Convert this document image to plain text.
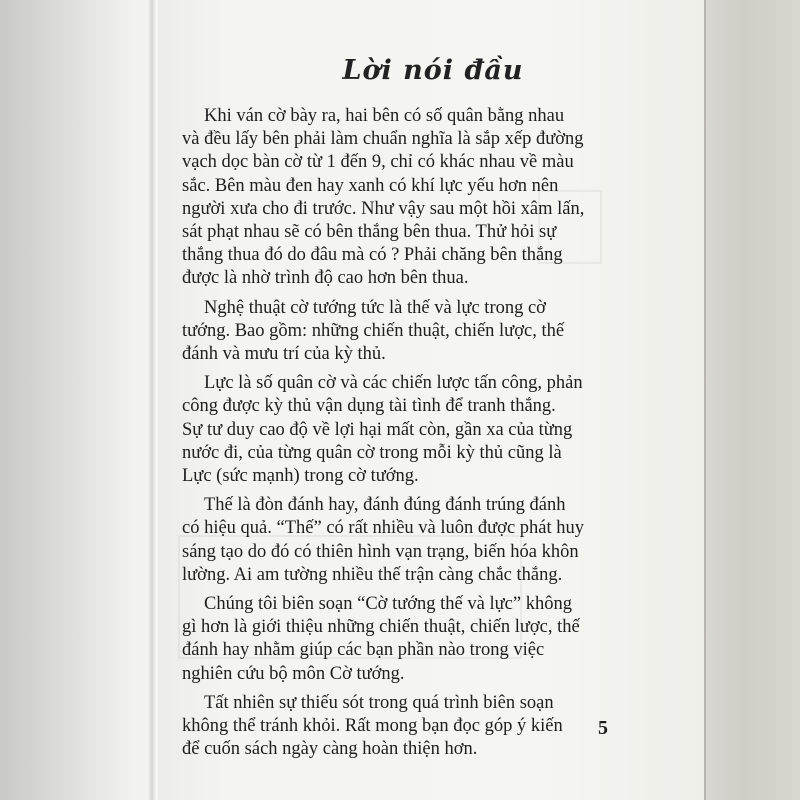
Lời nói đầu

Khi ván cờ bày ra, hai bên có số quân bằng nhau
và đều lấy bên phải làm chuẩn nghĩa là sắp xếp đường
vạch dọc bàn cờ từ 1 đến 9, chỉ có khác nhau về màu
sắc. Bên màu đen hay xanh có khí lực yếu hơn nên
người xưa cho đi trước. Như vậy sau một hồi xâm lấn,
sát phạt nhau sẽ có bên thắng bên thua. Thử hỏi sự
thắng thua đó do đâu mà có ? Phải chăng bên thắng
được là nhờ trình độ cao hơn bên thua.

Nghệ thuật cờ tướng tức là thế và lực trong cờ
tướng. Bao gồm: những chiến thuật, chiến lược, thế
đánh và mưu trí của kỳ thủ.

Lực là số quân cờ và các chiến lược tấn công, phản
công được kỳ thủ vận dụng tài tình để tranh thắng.
Sự tư duy cao độ về lợi hại mất còn, gần xa của từng
nước đi, của từng quân cờ trong mỗi kỳ thủ cũng là
Lực (sức mạnh) trong cờ tướng.

Thế là đòn đánh hay, đánh đúng đánh trúng đánh
có hiệu quả. “Thế” có rất nhiều và luôn được phát huy
sáng tạo do đó có thiên hình vạn trạng, biến hóa khôn
lường. Ai am tường nhiều thế trận càng chắc thắng.

Chúng tôi biên soạn “Cờ tướng thế và lực” không
gì hơn là giới thiệu những chiến thuật, chiến lược, thế
đánh hay nhằm giúp các bạn phần nào trong việc
nghiên cứu bộ môn Cờ tướng.

Tất nhiên sự thiếu sót trong quá trình biên soạn
không thể tránh khỏi. Rất mong bạn đọc góp ý kiến
để cuốn sách ngày càng hoàn thiện hơn.

5
